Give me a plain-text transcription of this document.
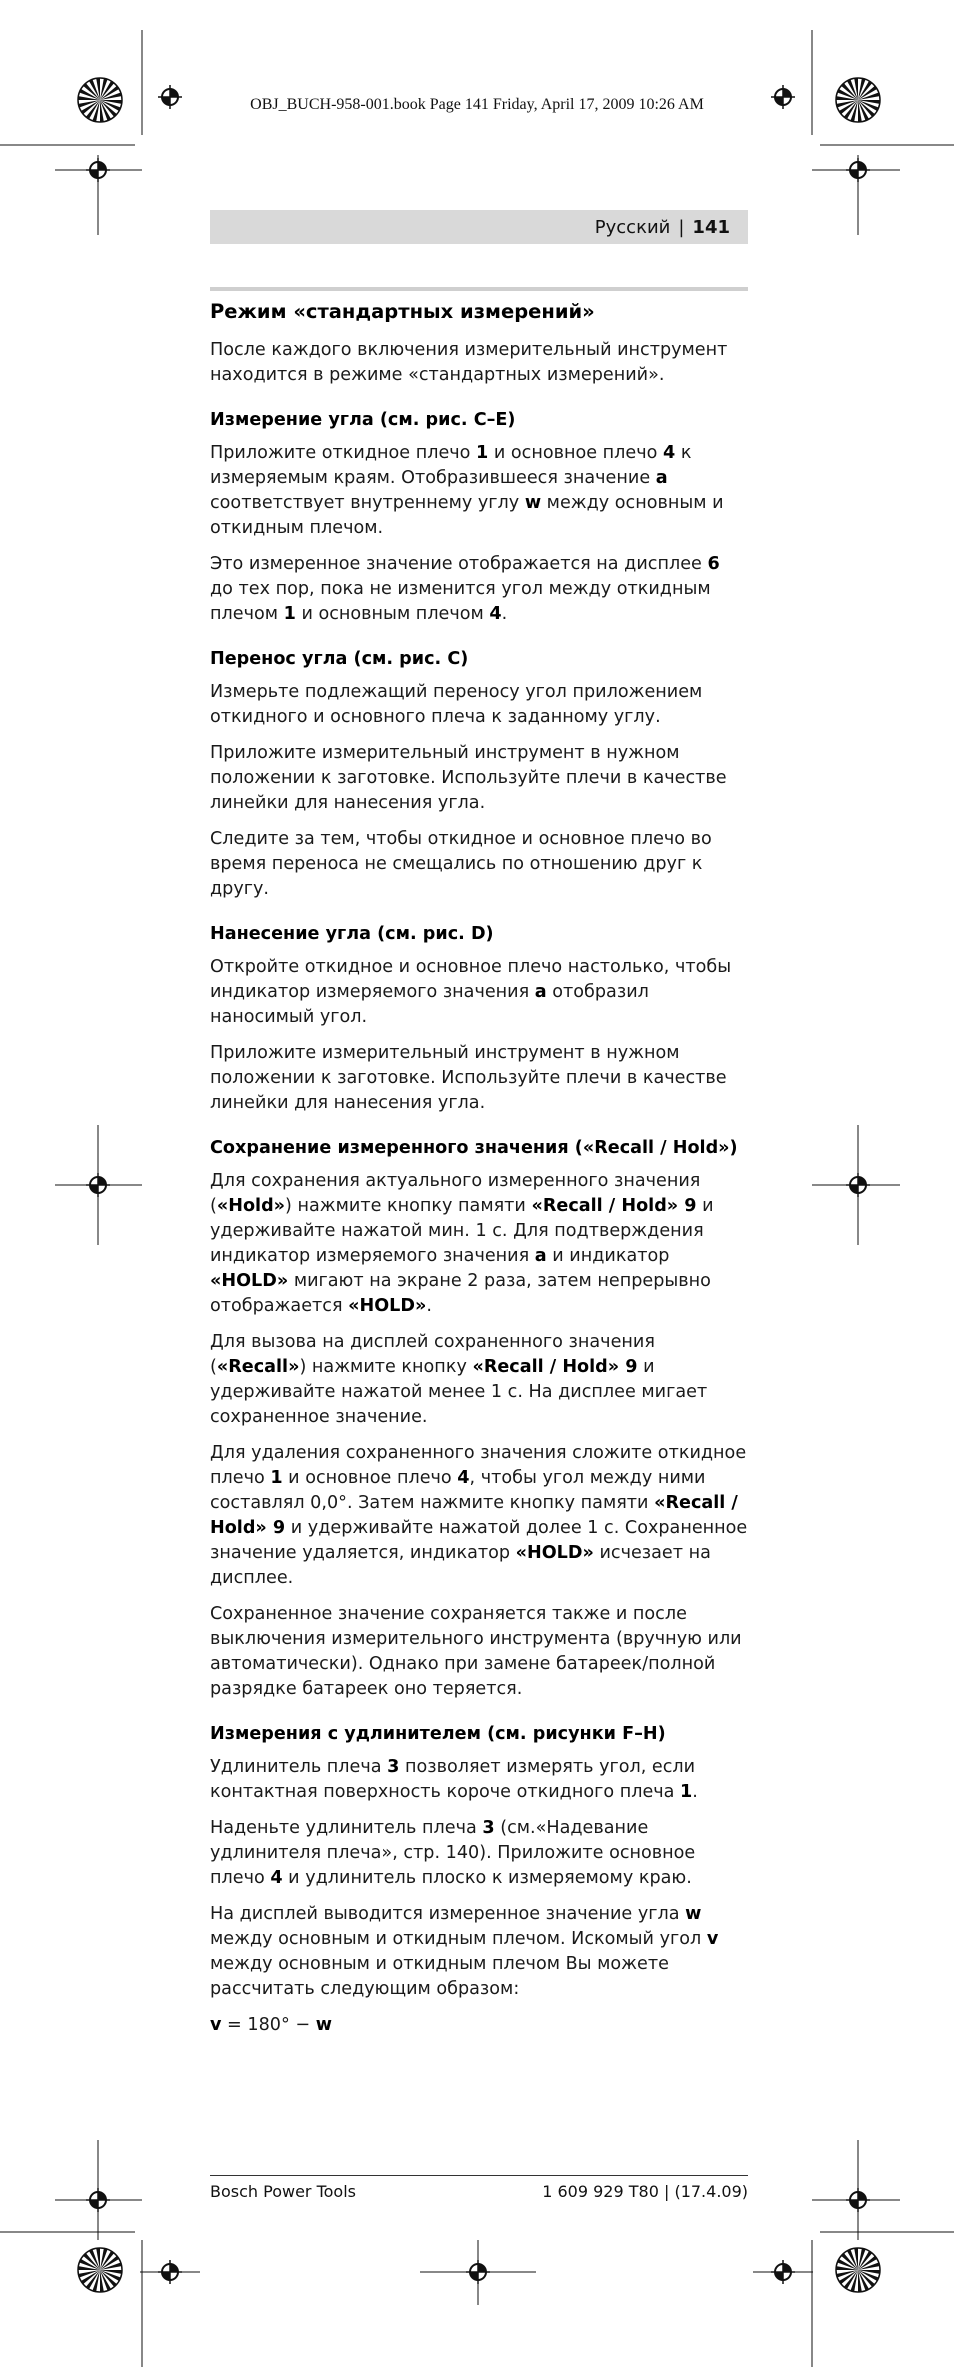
OBJ_BUCH-958-001.book Page 141 Friday, April 17, 2009 10:26 AM
Русский | 141
Режим «стандартных измерений»

После каждого включения измерительный инструмент находится в режиме «стандартных измерений».

Измерение угла (см. рис. C–E)

Приложите откидное плечо 1 и основное плечо 4 к измеряемым краям. Отобразившееся значение a соответствует внутреннему углу w между основным и откидным плечом.

Это измеренное значение отображается на дисплее 6 до тех пор, пока не изменится угол между откидным плечом 1 и основным плечом 4.

Перенос угла (см. рис. C)

Измерьте подлежащий переносу угол приложением откидного и основного плеча к заданному углу.

Приложите измерительный инструмент в нужном положении к заготовке. Используйте плечи в качестве линейки для нанесения угла.

Следите за тем, чтобы откидное и основное плечо во время переноса не смещались по отношению друг к другу.

Нанесение угла (см. рис. D)

Откройте откидное и основное плечо настолько, чтобы индикатор измеряемого значения a отобразил наносимый угол.

Приложите измерительный инструмент в нужном положении к заготовке. Используйте плечи в качестве линейки для нанесения угла.

Сохранение измеренного значения («Recall / Hold»)

Для сохранения актуального измеренного значения («Hold») нажмите кнопку памяти «Recall / Hold» 9 и удерживайте нажатой мин. 1 с. Для подтверждения индикатор измеряемого значения a и индикатор «HOLD» мигают на экране 2 раза, затем непрерывно отображается «HOLD».

Для вызова на дисплей сохраненного значения («Recall») нажмите кнопку «Recall / Hold» 9 и удерживайте нажатой менее 1 с. На дисплее мигает сохраненное значение.

Для удаления сохраненного значения сложите откидное плечо 1 и основное плечо 4, чтобы угол между ними составлял 0,0°. Затем нажмите кнопку памяти «Recall / Hold» 9 и удерживайте нажатой долее 1 с. Сохраненное значение удаляется, индикатор «HOLD» исчезает на дисплее.

Сохраненное значение сохраняется также и после выключения измерительного инструмента (вручную или автоматически). Однако при замене батареек/полной разрядке батареек оно теряется.

Измерения с удлинителем (см. рисунки F–H)

Удлинитель плеча 3 позволяет измерять угол, если контактная поверхность короче откидного плеча 1.

Наденьте удлинитель плеча 3 (см.«Надевание удлинителя плеча», стр. 140). Приложите основное плечо 4 и удлинитель плоско к измеряемому краю.

На дисплей выводится измеренное значение угла w между основным и откидным плечом. Искомый угол v между основным и откидным плечом Вы можете рассчитать следующим образом:

v = 180° − w

Bosch Power Tools	1 609 929 T80 | (17.4.09)
